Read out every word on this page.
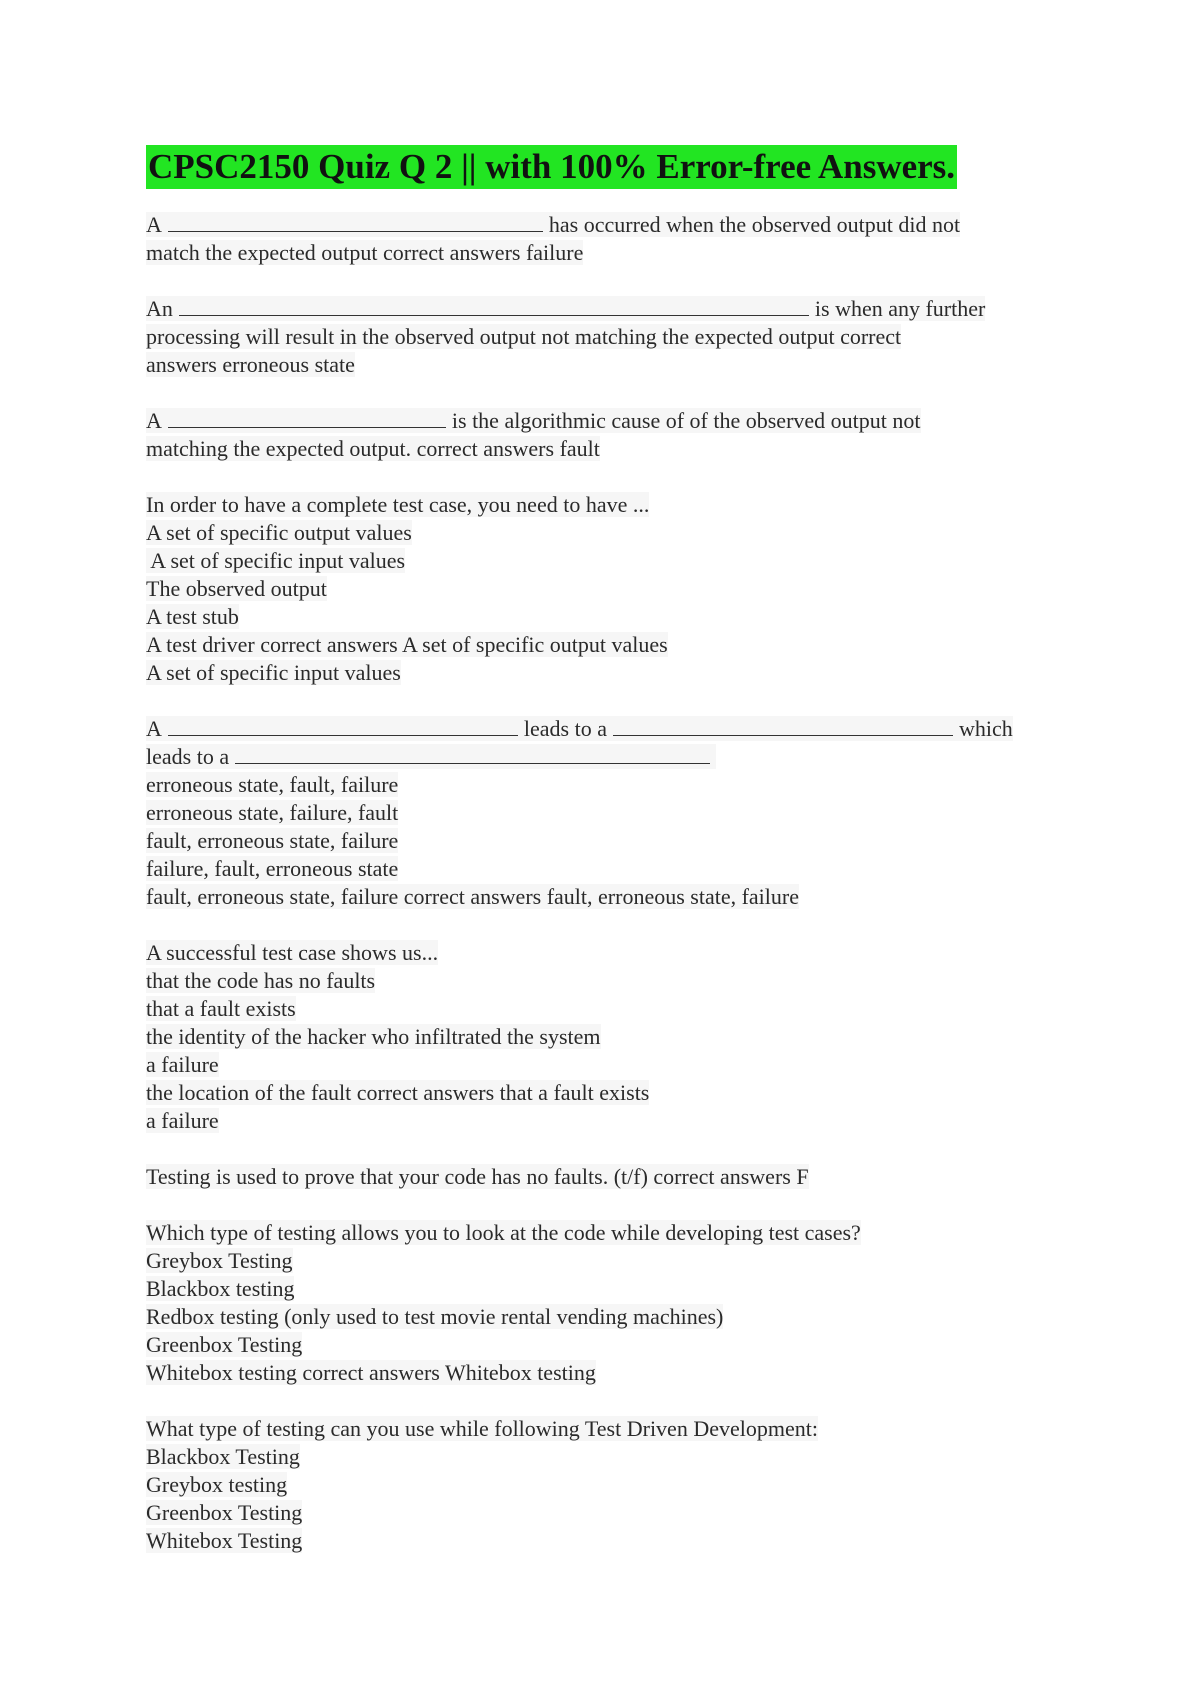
CPSC2150 Quiz Q 2 || with 100% Error-free Answers.
A	has occurred when the observed output did not
match the expected output correct answers failure
An	is when any further
processing will result in the observed output not matching the expected output correct
answers erroneous state
A	is the algorithmic cause of of the observed output not
matching the expected output. correct answers fault
In order to have a complete test case, you need to have ...
A set of specific output values
A set of specific input values
The observed output
A test stub
A test driver correct answers A set of specific output values
A set of specific input values
A	leads to a	which
leads to a
erroneous state, fault, failure
erroneous state, failure, fault
fault, erroneous state, failure
failure, fault, erroneous state
fault, erroneous state, failure correct answers fault, erroneous state, failure
A successful test case shows us...
that the code has no faults
that a fault exists
the identity of the hacker who infiltrated the system
a failure
the location of the fault correct answers that a fault exists
a failure
Testing is used to prove that your code has no faults. (t/f) correct answers F
Which type of testing allows you to look at the code while developing test cases?
Greybox Testing
Blackbox testing
Redbox testing (only used to test movie rental vending machines)
Greenbox Testing
Whitebox testing correct answers Whitebox testing
What type of testing can you use while following Test Driven Development:
Blackbox Testing
Greybox testing
Greenbox Testing
Whitebox Testing
